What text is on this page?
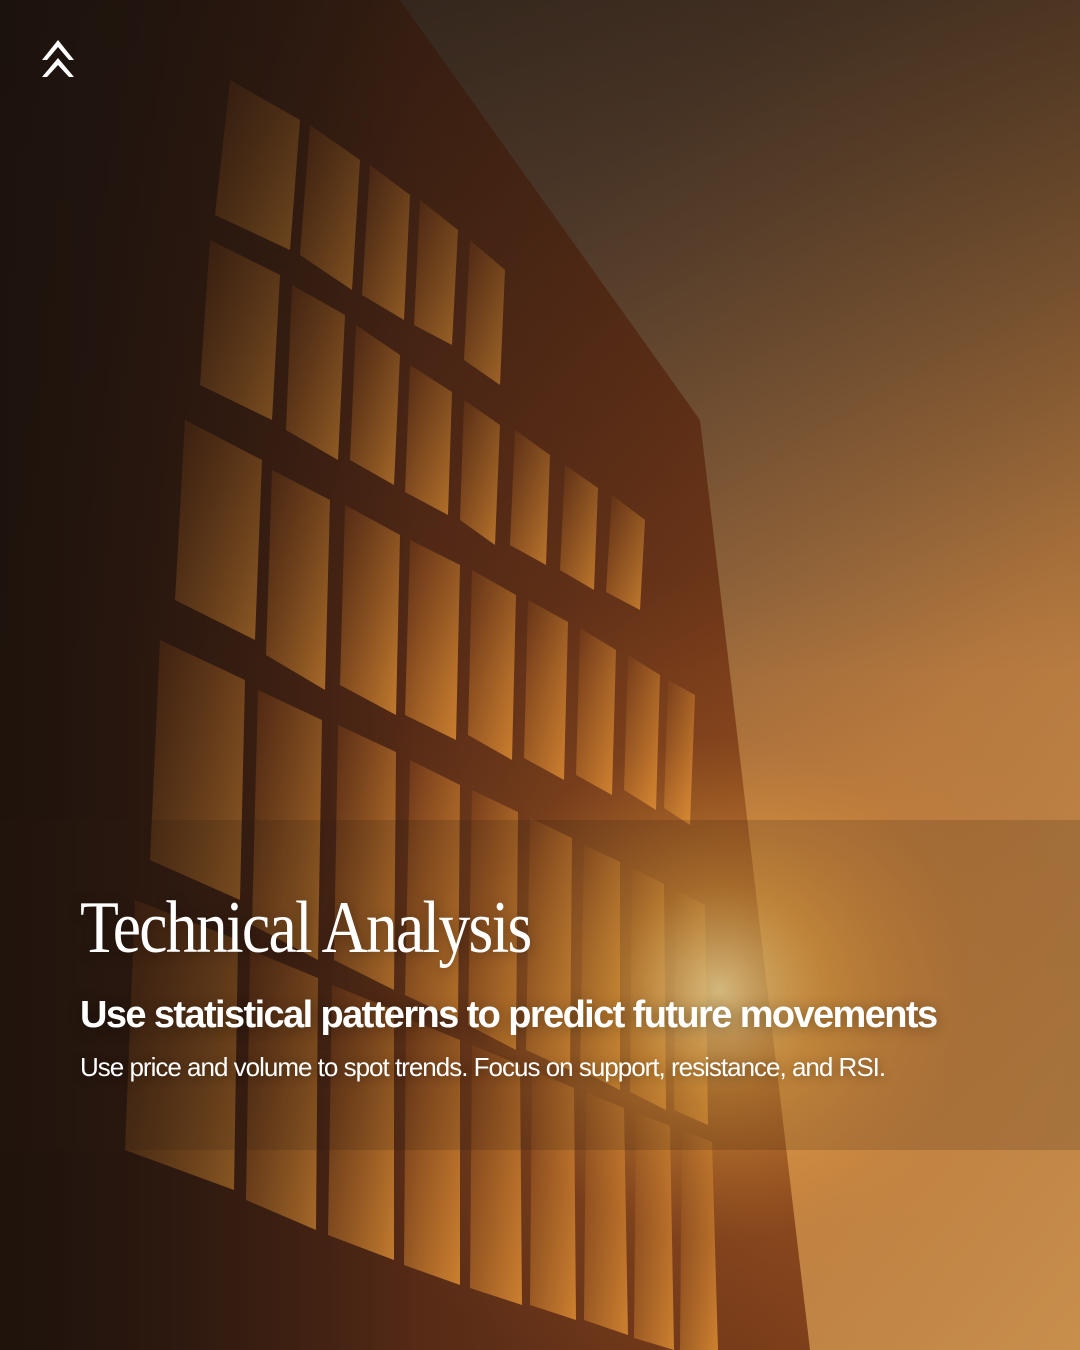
Technical Analysis
Use statistical patterns to predict future movements

Use price and volume to spot trends. Focus on support, resistance, and RSI.
